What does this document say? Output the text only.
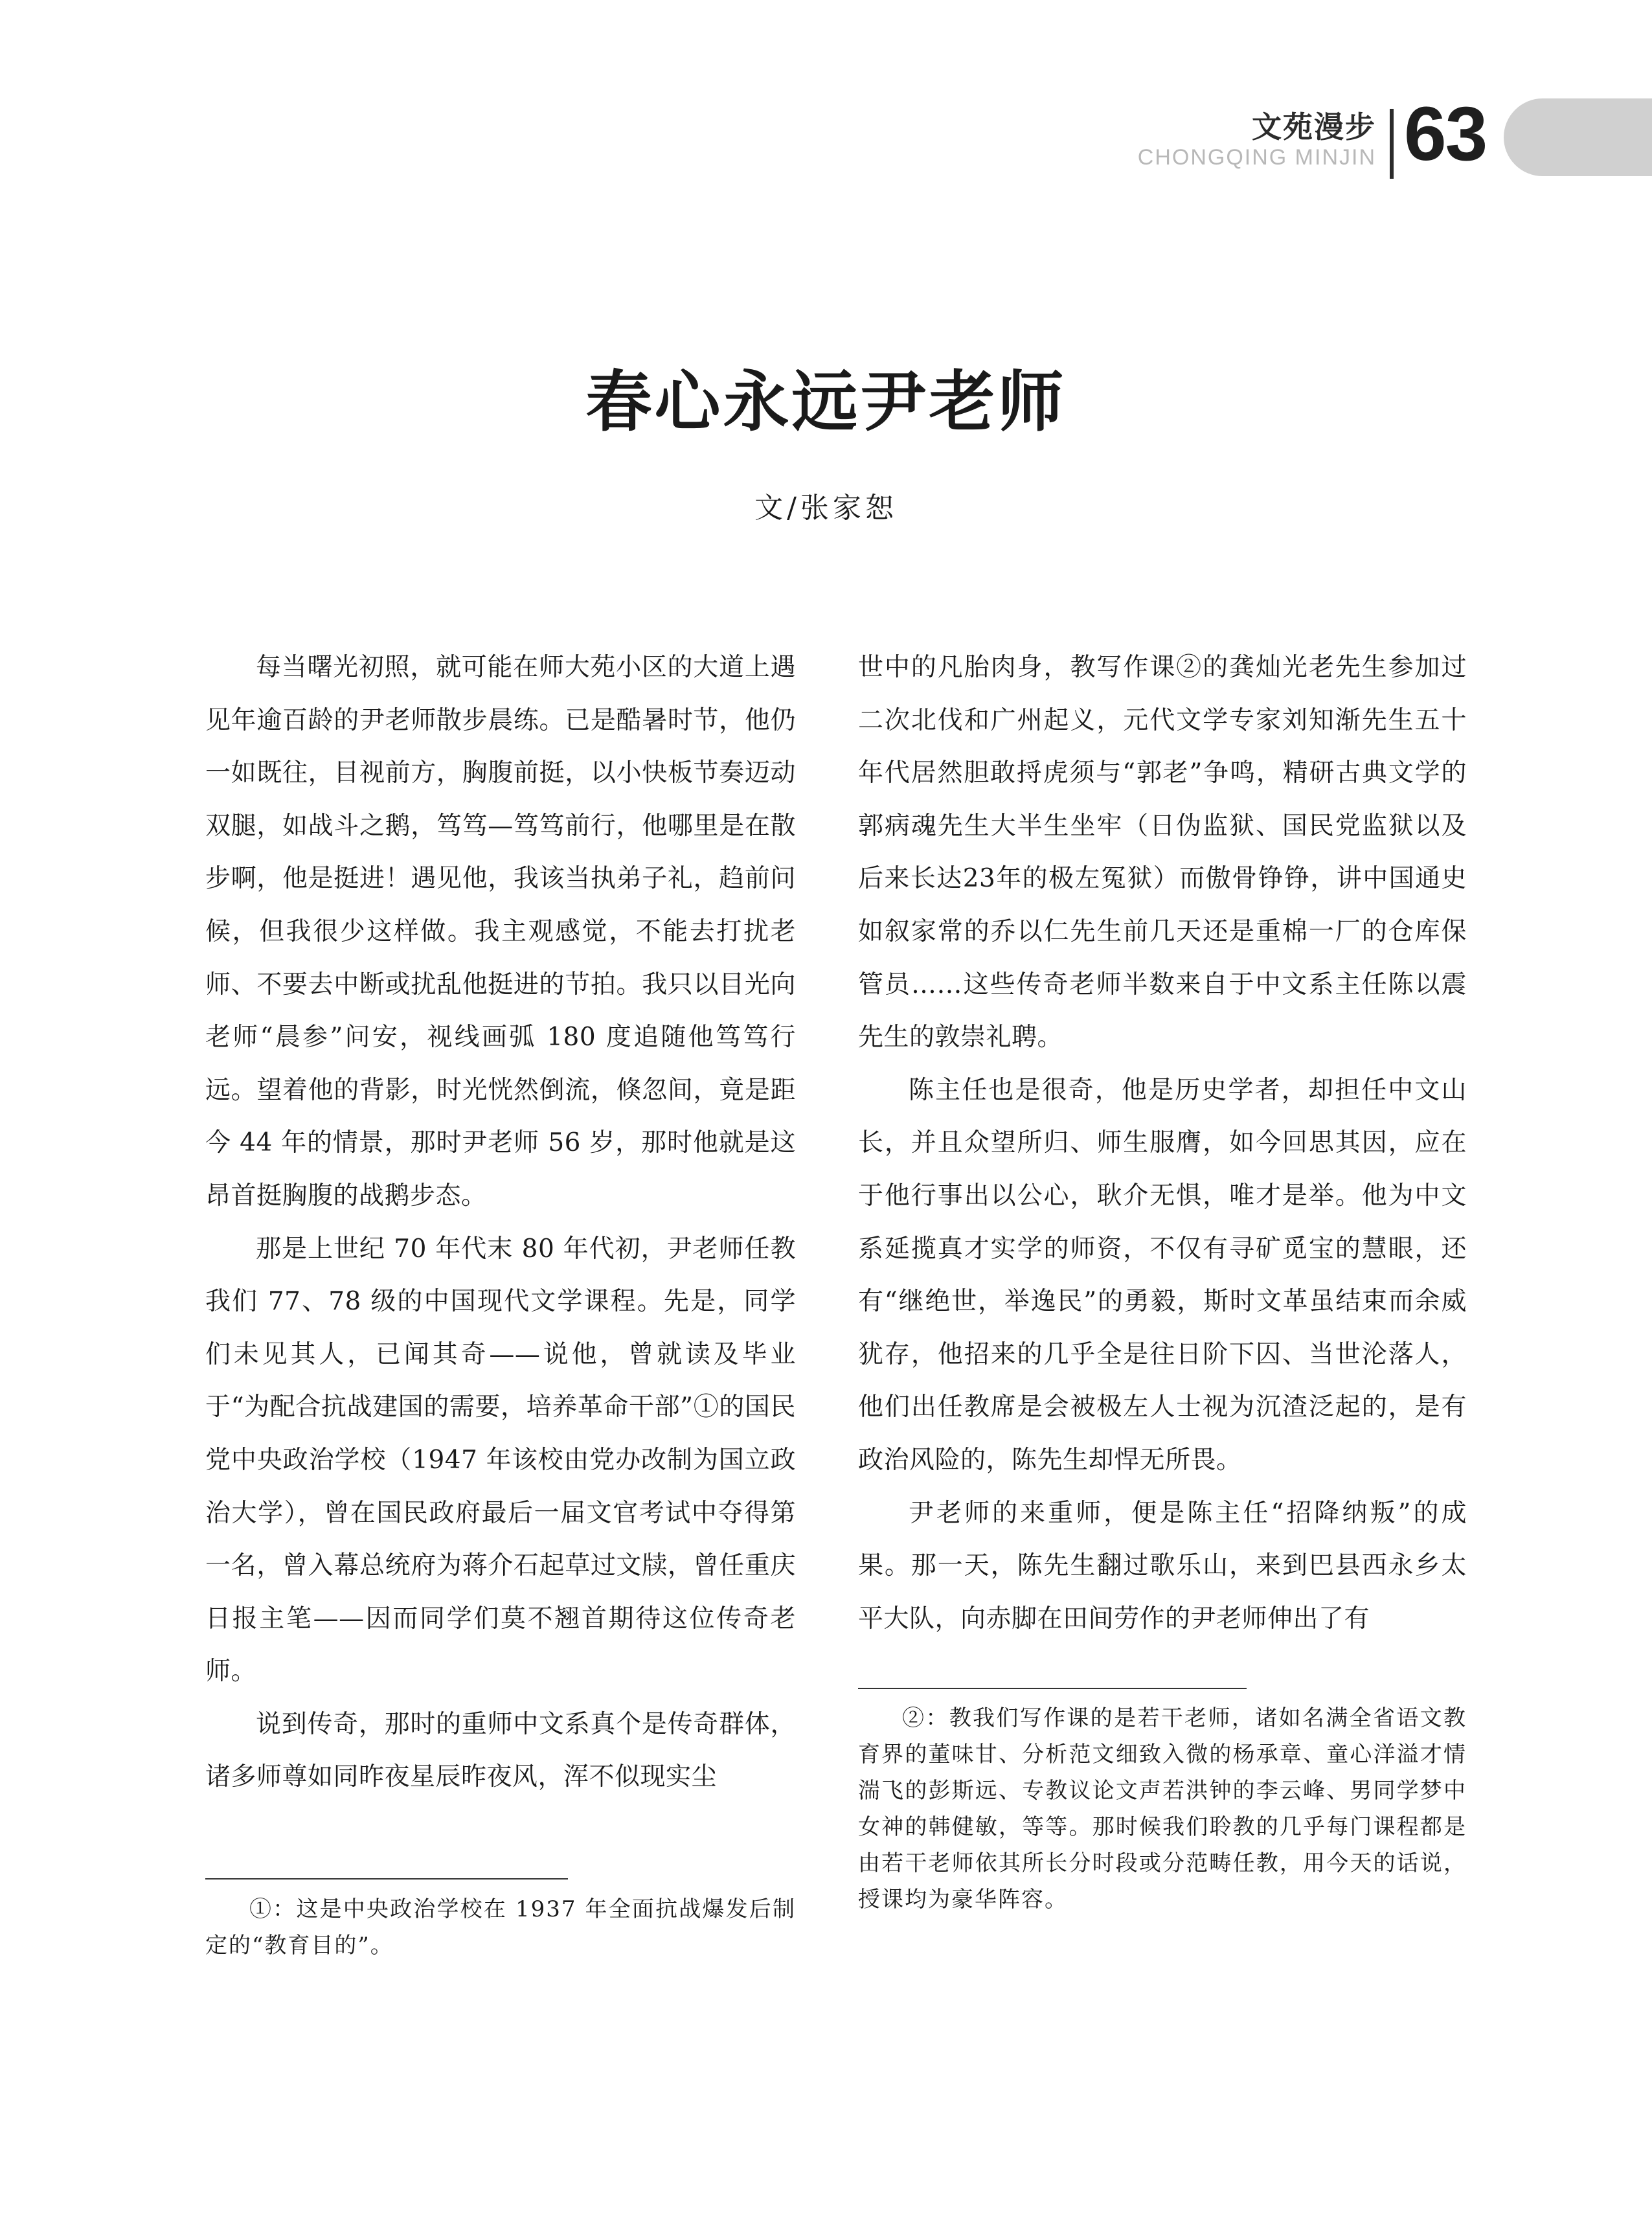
文苑漫步
CHONGQING MINJIN 63
春心永远尹老师
文/张家恕

每当曙光初照，就可能在师大苑小区的大道上遇见年逾百龄的尹老师散步晨练。已是酷暑时节，他仍一如既往，目视前方，胸腹前挺，以小快板节奏迈动双腿，如战斗之鹅，笃笃—笃笃前行，他哪里是在散步啊，他是挺进！遇见他，我该当执弟子礼，趋前问候，但我很少这样做。我主观感觉，不能去打扰老师、不要去中断或扰乱他挺进的节拍。我只以目光向老师“晨参”问安，视线画弧 180 度追随他笃笃行远。望着他的背影，时光恍然倒流，倏忽间，竟是距今 44 年的情景，那时尹老师 56 岁，那时他就是这昂首挺胸腹的战鹅步态。

那是上世纪 70 年代末 80 年代初，尹老师任教我们 77、78 级的中国现代文学课程。先是，同学们未见其人，已闻其奇——说他，曾就读及毕业于“为配合抗战建国的需要，培养革命干部”①的国民党中央政治学校（1947 年该校由党办改制为国立政治大学），曾在国民政府最后一届文官考试中夺得第一名，曾入幕总统府为蒋介石起草过文牍，曾任重庆日报主笔——因而同学们莫不翘首期待这位传奇老师。

说到传奇，那时的重师中文系真个是传奇群体，诸多师尊如同昨夜星辰昨夜风，浑不似现实尘

世中的凡胎肉身，教写作课②的龚灿光老先生参加过二次北伐和广州起义，元代文学专家刘知渐先生五十年代居然胆敢捋虎须与“郭老”争鸣，精研古典文学的郭病魂先生大半生坐牢（日伪监狱、国民党监狱以及后来长达23年的极左冤狱）而傲骨铮铮，讲中国通史如叙家常的乔以仁先生前几天还是重棉一厂的仓库保管员……这些传奇老师半数来自于中文系主任陈以震先生的敦崇礼聘。

陈主任也是很奇，他是历史学者，却担任中文山长，并且众望所归、师生服膺，如今回思其因，应在于他行事出以公心，耿介无惧，唯才是举。他为中文系延揽真才实学的师资，不仅有寻矿觅宝的慧眼，还有“继绝世，举逸民”的勇毅，斯时文革虽结束而余威犹存，他招来的几乎全是往日阶下囚、当世沦落人，他们出任教席是会被极左人士视为沉渣泛起的，是有政治风险的，陈先生却悍无所畏。

尹老师的来重师，便是陈主任“招降纳叛”的成果。那一天，陈先生翻过歌乐山，来到巴县西永乡太平大队，向赤脚在田间劳作的尹老师伸出了有

①：这是中央政治学校在 1937 年全面抗战爆发后制定的“教育目的”。

②：教我们写作课的是若干老师，诸如名满全省语文教育界的董味甘、分析范文细致入微的杨承章、童心洋溢才情湍飞的彭斯远、专教议论文声若洪钟的李云峰、男同学梦中女神的韩健敏，等等。那时候我们聆教的几乎每门课程都是由若干老师依其所长分时段或分范畴任教，用今天的话说，授课均为豪华阵容。
